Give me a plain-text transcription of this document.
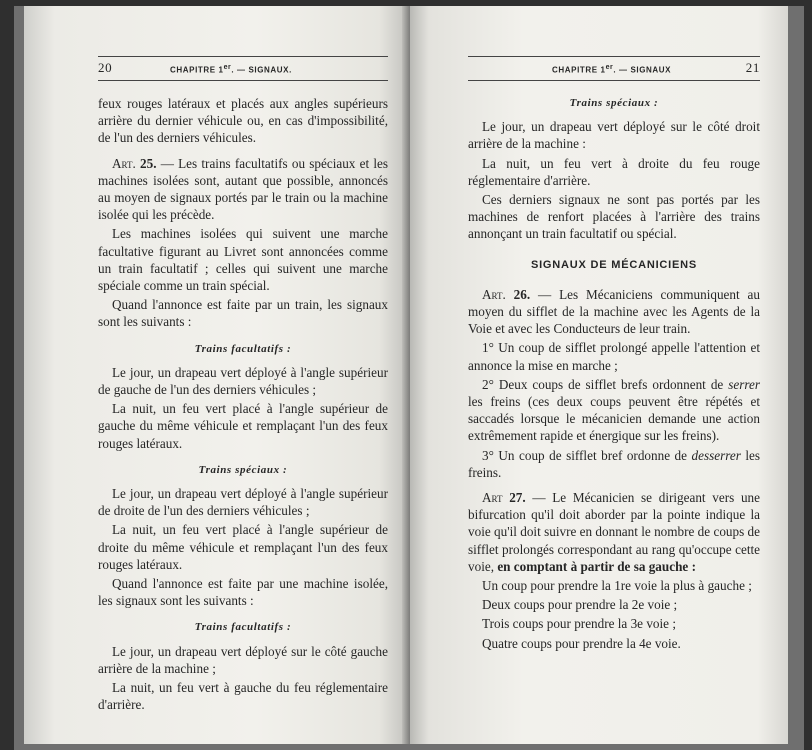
20	CHAPITRE 1er. — SIGNAUX.

feux rouges latéraux et placés aux angles supérieurs arrière du dernier véhicule ou, en cas d'impossibilité, de l'un des derniers véhicules.

Art. 25. — Les trains facultatifs ou spéciaux et les machines isolées sont, autant que possible, annoncés au moyen de signaux portés par le train ou la machine isolée qui les précède.

Les machines isolées qui suivent une marche facultative figurant au Livret sont annoncées comme un train facultatif ; celles qui suivent une marche spéciale comme un train spécial.

Quand l'annonce est faite par un train, les signaux sont les suivants :

Trains facultatifs :

Le jour, un drapeau vert déployé à l'angle supérieur de gauche de l'un des derniers véhicules ;

La nuit, un feu vert placé à l'angle supérieur de gauche du même véhicule et remplaçant l'un des feux rouges latéraux.

Trains spéciaux :

Le jour, un drapeau vert déployé à l'angle supérieur de droite de l'un des derniers véhicules ;

La nuit, un feu vert placé à l'angle supérieur de droite du même véhicule et remplaçant l'un des feux rouges latéraux.

Quand l'annonce est faite par une machine isolée, les signaux sont les suivants :

Trains facultatifs :

Le jour, un drapeau vert déployé sur le côté gauche arrière de la machine ;

La nuit, un feu vert à gauche du feu réglementaire d'arrière.

CHAPITRE 1er. — SIGNAUX	21
Trains spéciaux :

Le jour, un drapeau vert déployé sur le côté droit arrière de la machine :

La nuit, un feu vert à droite du feu rouge réglementaire d'arrière.

Ces derniers signaux ne sont pas portés par les machines de renfort placées à l'arrière des trains annonçant un train facultatif ou spécial.

SIGNAUX DE MÉCANICIENS

Art. 26. — Les Mécaniciens communiquent au moyen du sifflet de la machine avec les Agents de la Voie et avec les Conducteurs de leur train.

1° Un coup de sifflet prolongé appelle l'attention et annonce la mise en marche ;

2° Deux coups de sifflet brefs ordonnent de serrer les freins (ces deux coups peuvent être répétés et saccadés lorsque le mécanicien demande une action extrêmement rapide et énergique sur les freins).

3° Un coup de sifflet bref ordonne de desserrer les freins.

Art 27. — Le Mécanicien se dirigeant vers une bifurcation qu'il doit aborder par la pointe indique la voie qu'il doit suivre en donnant le nombre de coups de sifflet prolongés correspondant au rang qu'occupe cette voie, en comptant à partir de sa gauche :

Un coup pour prendre la 1re voie la plus à gauche ;

Deux coups pour prendre la 2e voie ;

Trois coups pour prendre la 3e voie ;

Quatre coups pour prendre la 4e voie.
